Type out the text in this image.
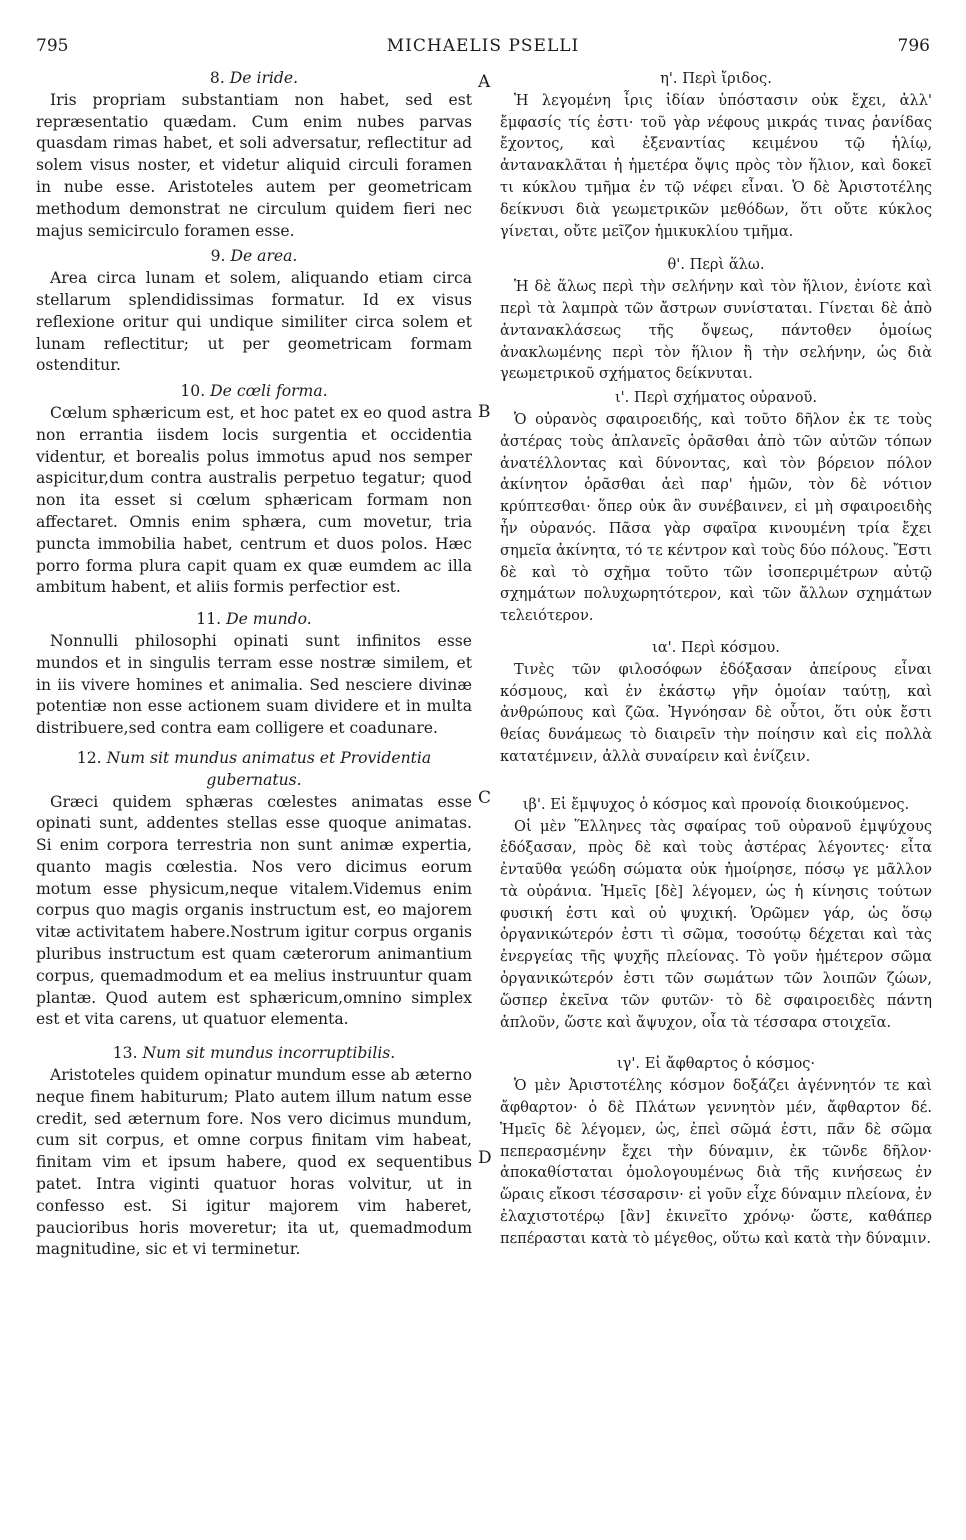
795	MICHAELIS PSELLI	796
A
B
C
D
8. De iride.

Iris propriam substantiam non habet, sed est repræsentatio quædam. Cum enim nubes parvas quasdam rimas habet, et soli adversatur, reflectitur ad solem visus noster, et videtur aliquid circuli foramen in nube esse. Aristoteles autem per geometricam methodum demonstrat ne circulum quidem fieri nec majus semicirculo foramen esse.

9. De area.

Area circa lunam et solem, aliquando etiam circa stellarum splendidissimas formatur. Id ex visus reflexione oritur qui undique similiter circa solem et lunam reflectitur; ut per geometricam formam ostenditur.

10. De cœli forma.

Cœlum sphæricum est, et hoc patet ex eo quod astra non errantia iisdem locis surgentia et occidentia videntur, et borealis polus immotus apud nos semper aspicitur,dum contra australis perpetuo tegatur; quod non ita esset si cœlum sphæricam formam non affectaret. Omnis enim sphæra, cum movetur, tria puncta immobilia habet, centrum et duos polos. Hæc porro forma plura capit quam ex quæ eumdem ac illa ambitum habent, et aliis formis perfectior est.

11. De mundo.

Nonnulli philosophi opinati sunt infinitos esse mundos et in singulis terram esse nostræ similem, et in iis vivere homines et animalia. Sed nesciere divinæ potentiæ non esse actionem suam dividere et in multa distribuere,sed contra eam colligere et coadunare.

12. Num sit mundus animatus et Providentia gubernatus.

Græci quidem sphæras cœlestes animatas esse opinati sunt, addentes stellas esse quoque animatas. Si enim corpora terrestria non sunt animæ expertia, quanto magis cœlestia. Nos vero dicimus eorum motum esse physicum,neque vitalem.Videmus enim corpus quo magis organis instructum est, eo majorem vitæ activitatem habere.Nostrum igitur corpus organis pluribus instructum est quam cæterorum animantium corpus, quemadmodum et ea melius instruuntur quam plantæ. Quod autem est sphæricum,omnino simplex est et vita carens, ut quatuor elementa.

13. Num sit mundus incorruptibilis.

Aristoteles quidem opinatur mundum esse ab æterno neque finem habiturum; Plato autem illum natum esse credit, sed æternum fore. Nos vero dicimus mundum, cum sit corpus, et omne corpus finitam vim habeat, finitam vim et ipsum habere, quod ex sequentibus patet. Intra viginti quatuor horas volvitur, ut in confesso est. Si igitur majorem vim haberet, paucioribus horis moveretur; ita ut, quemadmodum magnitudine, sic et vi terminetur.

η'. Περὶ ἴριδος.

Ἡ λεγομένη ἶρις ἰδίαν ὑπόστασιν οὐκ ἔχει, ἀλλ' ἔμφασίς τίς ἐστι· τοῦ γὰρ νέφους μικράς τινας ῥανίδας ἔχοντος, καὶ ἐξεναντίας κειμένου τῷ ἡλίῳ, ἀντανακλᾶται ἡ ἡμετέρα ὄψις πρὸς τὸν ἥλιον, καὶ δοκεῖ τι κύκλου τμῆμα ἐν τῷ νέφει εἶναι. Ὁ δὲ Ἀριστοτέλης δείκνυσι διὰ γεωμετρικῶν μεθόδων, ὅτι οὔτε κύκλος γίνεται, οὔτε μεῖζον ἡμικυκλίου τμῆμα.

θ'. Περὶ ἅλω.

Ἡ δὲ ἅλως περὶ τὴν σελήνην καὶ τὸν ἥλιον, ἐνίοτε καὶ περὶ τὰ λαμπρὰ τῶν ἄστρων συνίσταται. Γίνεται δὲ ἀπὸ ἀντανακλάσεως τῆς ὄψεως, πάντοθεν ὁμοίως ἀνακλωμένης περὶ τὸν ἥλιον ἢ τὴν σελήνην, ὡς διὰ γεωμετρικοῦ σχήματος δείκνυται.

ι'. Περὶ σχήματος οὐρανοῦ.

Ὁ οὐρανὸς σφαιροειδής, καὶ τοῦτο δῆλον ἐκ τε τοὺς ἀστέρας τοὺς ἀπλανεῖς ὁρᾶσθαι ἀπὸ τῶν αὐτῶν τόπων ἀνατέλλοντας καὶ δύνοντας, καὶ τὸν βόρειον πόλον ἀκίνητον ὁρᾶσθαι ἀεὶ παρ' ἡμῶν, τὸν δὲ νότιον κρύπτεσθαι· ὅπερ οὐκ ἂν συνέβαινεν, εἰ μὴ σφαιροειδὴς ἦν οὐρανός. Πᾶσα γὰρ σφαῖρα κινουμένη τρία ἔχει σημεῖα ἀκίνητα, τό τε κέντρον καὶ τοὺς δύο πόλους. Ἔστι δὲ καὶ τὸ σχῆμα τοῦτο τῶν ἰσοπεριμέτρων αὐτῷ σχημάτων πολυχωρητότερον, καὶ τῶν ἄλλων σχημάτων τελειότερον.

ια'. Περὶ κόσμου.

Τινὲς τῶν φιλοσόφων ἐδόξασαν ἀπείρους εἶναι κόσμους, καὶ ἐν ἑκάστῳ γῆν ὁμοίαν ταύτῃ, καὶ ἀνθρώπους καὶ ζῶα. Ἠγνόησαν δὲ οὗτοι, ὅτι οὐκ ἔστι θείας δυνάμεως τὸ διαιρεῖν τὴν ποίησιν καὶ εἰς πολλὰ κατατέμνειν, ἀλλὰ συναίρειν καὶ ἑνίζειν.

ιβ'. Εἰ ἔμψυχος ὁ κόσμος καὶ προνοίᾳ διοικούμενος.

Οἱ μὲν Ἕλληνες τὰς σφαίρας τοῦ οὐρανοῦ ἐμψύχους ἐδόξασαν, πρὸς δὲ καὶ τοὺς ἀστέρας λέγοντες· εἶτα ἐνταῦθα γεώδη σώματα οὐκ ἠμοίρησε, πόσῳ γε μᾶλλον τὰ οὐράνια. Ἡμεῖς [δὲ] λέγομεν, ὡς ἡ κίνησις τούτων φυσική ἐστι καὶ οὐ ψυχική. Ὁρῶμεν γάρ, ὡς ὅσῳ ὀργανικώτερόν ἐστι τὶ σῶμα, τοσούτῳ δέχεται καὶ τὰς ἐνεργείας τῆς ψυχῆς πλείονας. Τὸ γοῦν ἡμέτερον σῶμα ὀργανικώτερόν ἐστι τῶν σωμάτων τῶν λοιπῶν ζώων, ὥσπερ ἐκεῖνα τῶν φυτῶν· τὸ δὲ σφαιροειδὲς πάντη ἁπλοῦν, ὥστε καὶ ἄψυχον, οἷα τὰ τέσσαρα στοιχεῖα.

ιγ'. Εἰ ἄφθαρτος ὁ κόσμος·

Ὁ μὲν Ἀριστοτέλης κόσμον δοξάζει ἀγέννητόν τε καὶ ἄφθαρτον· ὁ δὲ Πλάτων γεννητὸν μέν, ἄφθαρτον δέ. Ἡμεῖς δὲ λέγομεν, ὡς, ἐπεὶ σῶμά ἐστι, πᾶν δὲ σῶμα πεπερασμένην ἔχει τὴν δύναμιν, ἐκ τῶνδε δῆλον· ἀποκαθίσταται ὁμολογουμένως διὰ τῆς κινήσεως ἐν ὥραις εἴκοσι τέσσαρσιν· εἰ γοῦν εἶχε δύναμιν πλείονα, ἐν ἐλαχιστοτέρῳ [ἂν] ἐκινεῖτο χρόνῳ· ὥστε, καθάπερ πεπέρασται κατὰ τὸ μέγεθος, οὕτω καὶ κατὰ τὴν δύναμιν.
